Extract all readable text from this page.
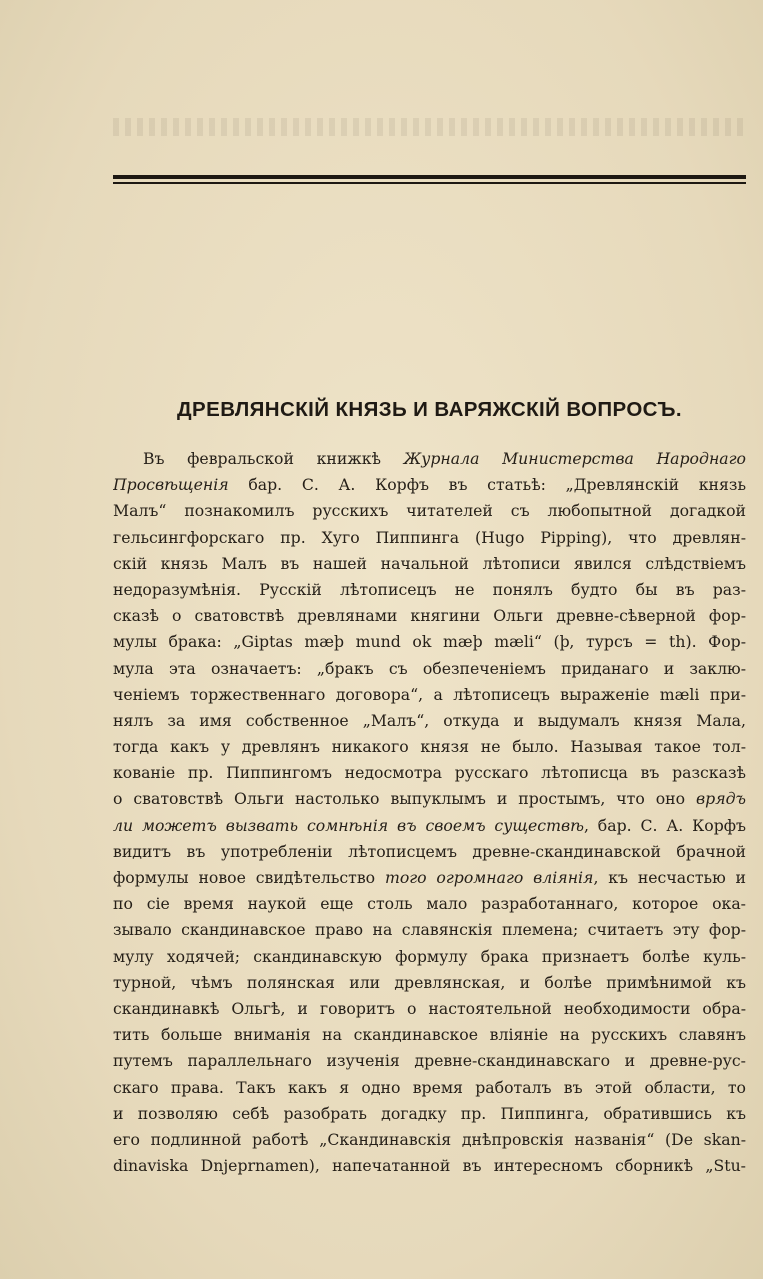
ДРЕВЛЯНСКІЙ КНЯЗЬ И ВАРЯЖСКІЙ ВОПРОСЪ.
Въ февральской книжкѣ Журнала Министерства Народнаго
Просвѣщенія бар. С. А. Корфъ въ статьѣ: „Древлянскій князь
Малъ“ познакомилъ русскихъ читателей съ любопытной догадкой
гельсингфорскаго пр. Хуго Пиппинга (Hugo Pipping), что древлян-
скій князь Малъ въ нашей начальной лѣтописи явился слѣдствіемъ
недоразумѣнія. Русскій лѣтописецъ не понялъ будто бы въ раз-
сказѣ о сватовствѣ древлянами княгини Ольги древне-сѣверной фор-
мулы брака: „Giptas mæþ mund ok mæþ mæli“ (þ, турсъ = th). Фор-
мула эта означаетъ: „бракъ съ обезпеченіемъ приданаго и заклю-
ченіемъ торжественнаго договора“, а лѣтописецъ выраженіе mæli при-
нялъ за имя собственное „Малъ“, откуда и выдумалъ князя Мала,
тогда какъ у древлянъ никакого князя не было. Называя такое тол-
кованіе пр. Пиппингомъ недосмотра русскаго лѣтописца въ разсказѣ
о сватовствѣ Ольги настолько выпуклымъ и простымъ, что оно врядъ
ли можетъ вызвать сомнѣнія въ своемъ существѣ, бар. С. А. Корфъ
видитъ въ употребленіи лѣтописцемъ древне-скандинавской брачной
формулы новое свидѣтельство того огромнаго вліянія, къ несчастью и
по сіе время наукой еще столь мало разработаннаго, которое ока-
зывало скандинавское право на славянскія племена; считаетъ эту фор-
мулу ходячей; скандинавскую формулу брака признаетъ болѣе куль-
турной, чѣмъ полянская или древлянская, и болѣе примѣнимой къ
скандинавкѣ Ольгѣ, и говоритъ о настоятельной необходимости обра-
тить больше вниманія на скандинавское вліяніе на русскихъ славянъ
путемъ параллельнаго изученія древне-скандинавскаго и древне-рус-
скаго права. Такъ какъ я одно время работалъ въ этой области, то
и позволяю себѣ разобрать догадку пр. Пиппинга, обратившись къ
его подлинной работѣ „Скандинавскія днѣпровскія названія“ (De skan-
dinaviska Dnjeprnamen), напечатанной въ интересномъ сборникѣ „Stu-
